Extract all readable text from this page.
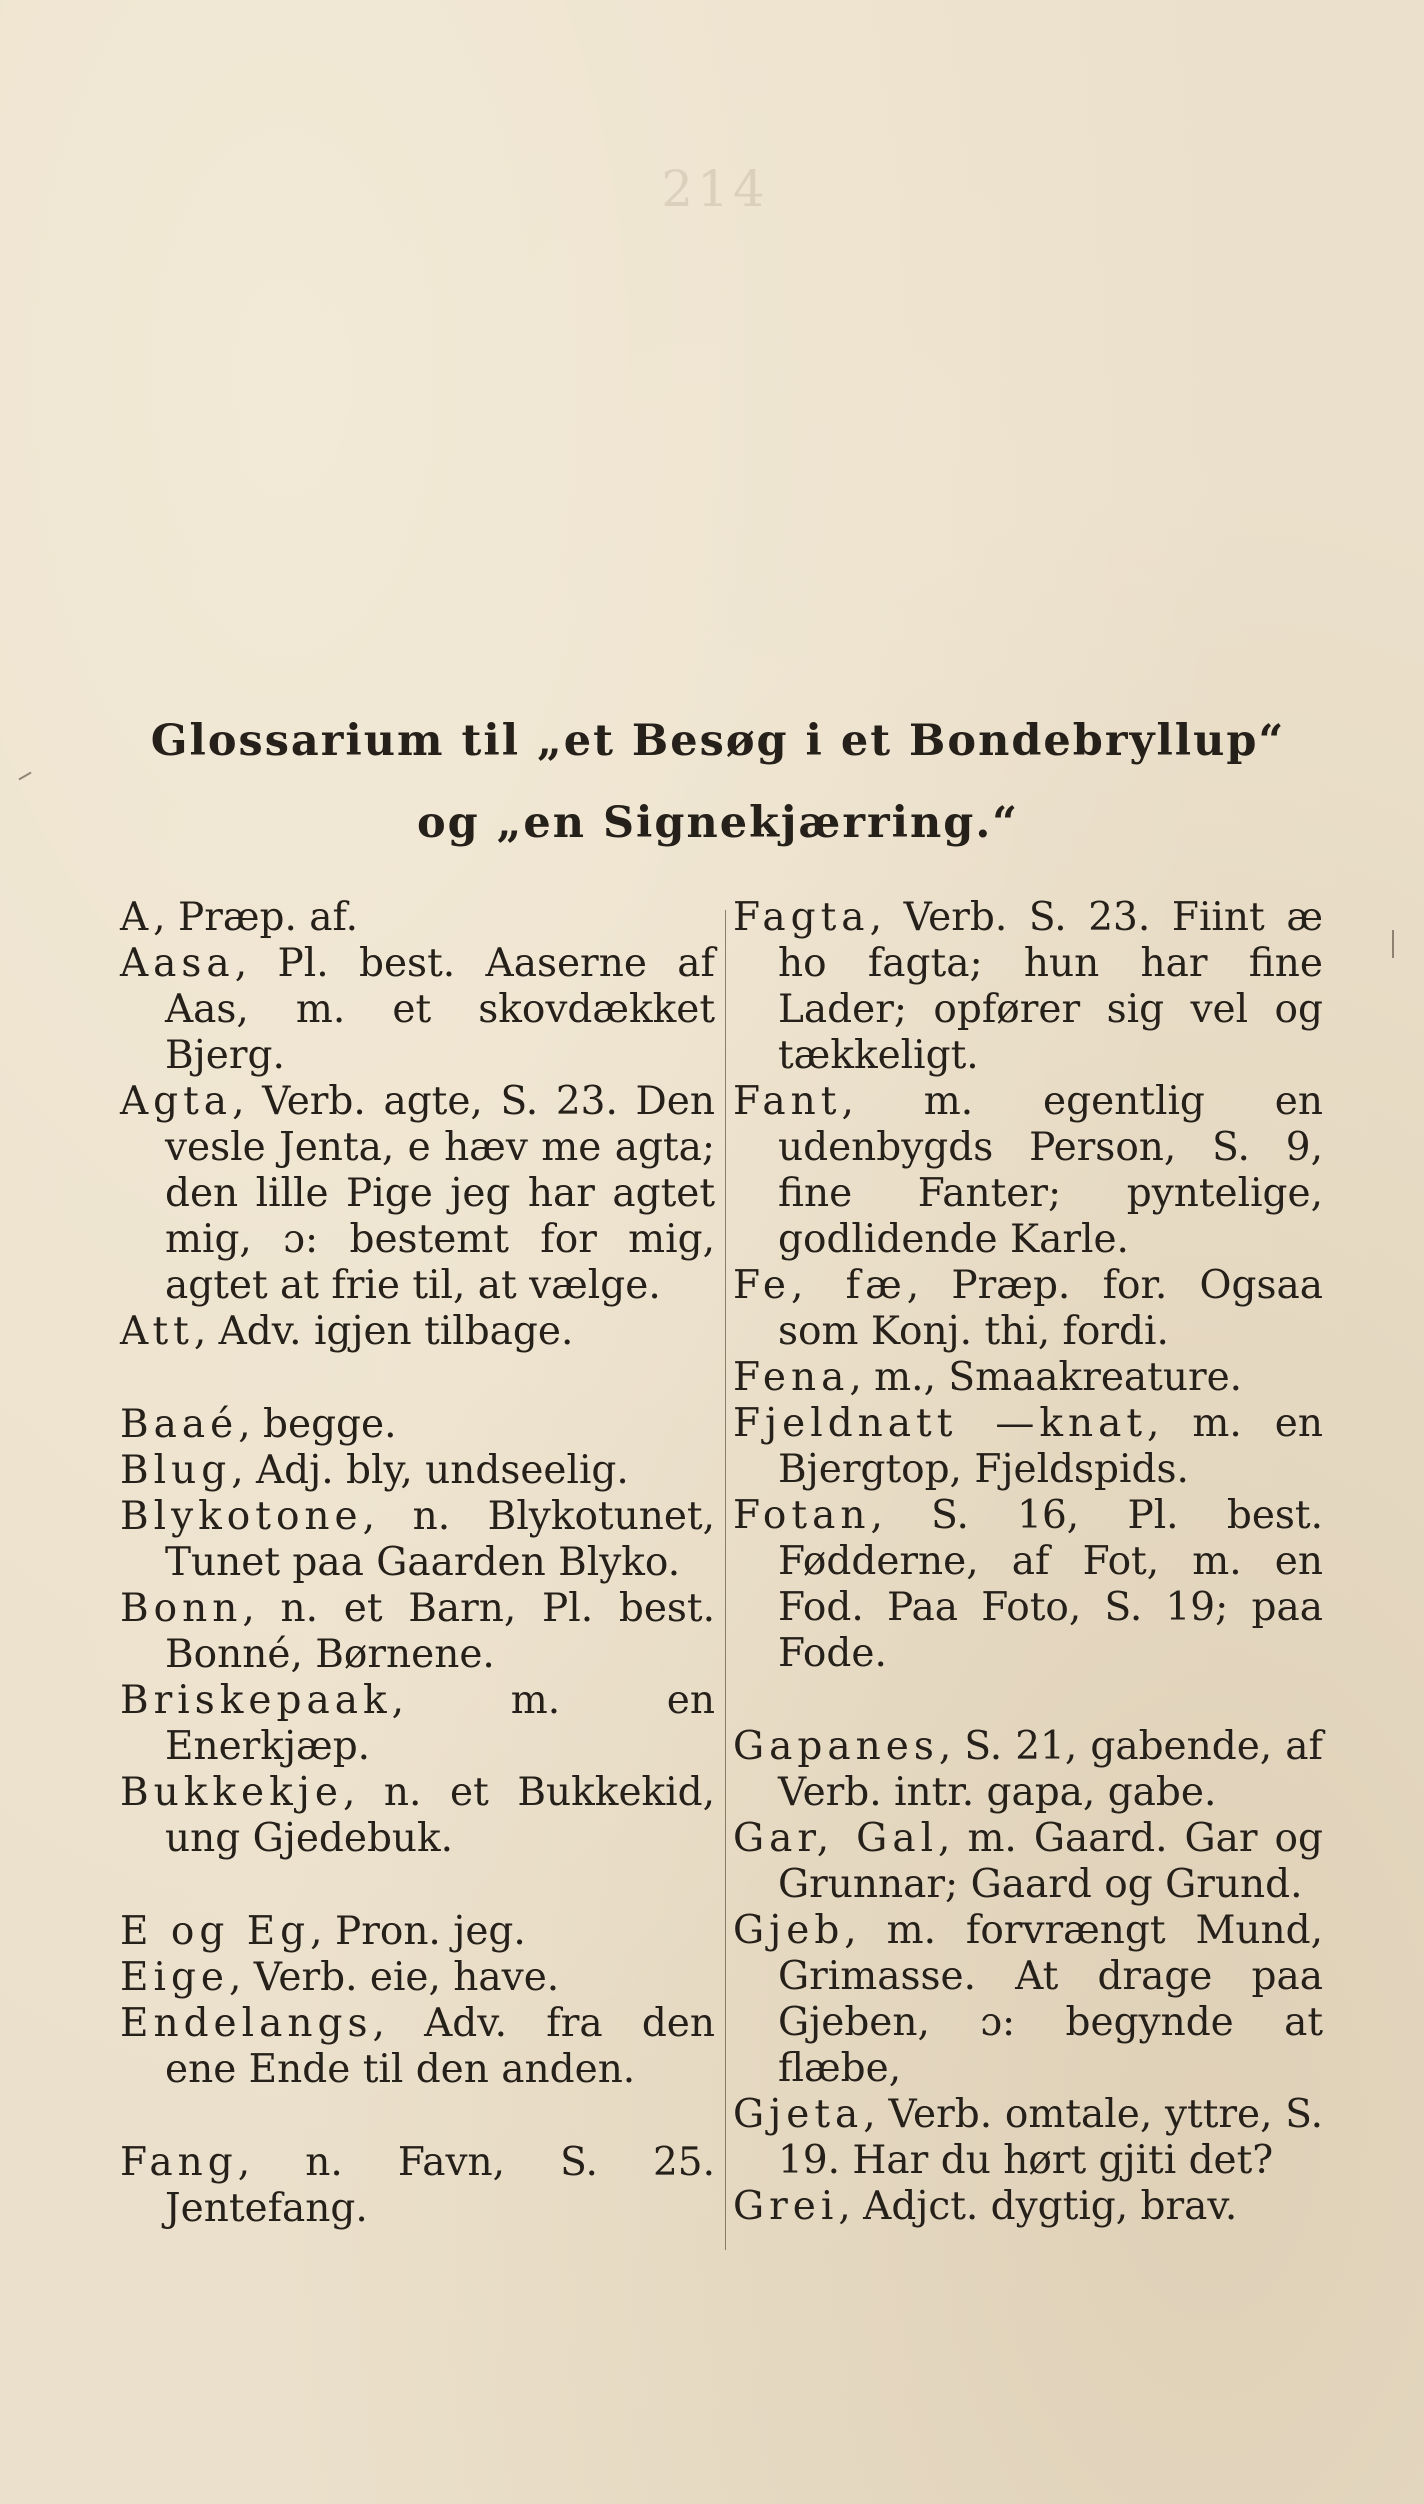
214
Glossarium til „et Besøg i et Bondebryllup“ og „en Signekjærring.“

A, Præp. af.

Aasa, Pl. best. Aaserne af Aas, m. et skovdækket Bjerg.

Agta, Verb. agte, S. 23. Den vesle Jenta, e hæv me agta; den lille Pige jeg har agtet mig, ɔ: bestemt for mig, agtet at frie til, at vælge.

Att, Adv. igjen tilbage.

Baaé, begge.

Blug, Adj. bly, undseelig.

Blykotone, n. Blykotunet, Tunet paa Gaarden Blyko.

Bonn, n. et Barn, Pl. best. Bonné, Børnene.

Briskepaak, m. en Enerkjæp.

Bukkekje, n. et Bukkekid, ung Gjedebuk.

E og Eg, Pron. jeg.

Eige, Verb. eie, have.

Endelangs, Adv. fra den ene Ende til den anden.

Fang, n. Favn, S. 25. Jentefang.

Fagta, Verb. S. 23. Fiint æ ho fagta; hun har fine Lader; opfører sig vel og tækkeligt.

Fant, m. egentlig en udenbygds Person, S. 9, fine Fanter; pyntelige, godlidende Karle.

Fe, fæ, Præp. for. Ogsaa som Konj. thi, fordi.

Fena, m., Smaakreature.

Fjeldnatt —knat, m. en Bjergtop, Fjeldspids.

Fotan, S. 16, Pl. best. Fødderne, af Fot, m. en Fod. Paa Foto, S. 19; paa Fode.

Gapanes, S. 21, gabende, af Verb. intr. gapa, gabe.

Gar, Gal, m. Gaard. Gar og Grunnar; Gaard og Grund.

Gjeb, m. forvrængt Mund, Grimasse. At drage paa Gjeben, ɔ: begynde at flæbe,

Gjeta, Verb. omtale, yttre, S. 19. Har du hørt gjiti det?

Grei, Adjct. dygtig, brav.
